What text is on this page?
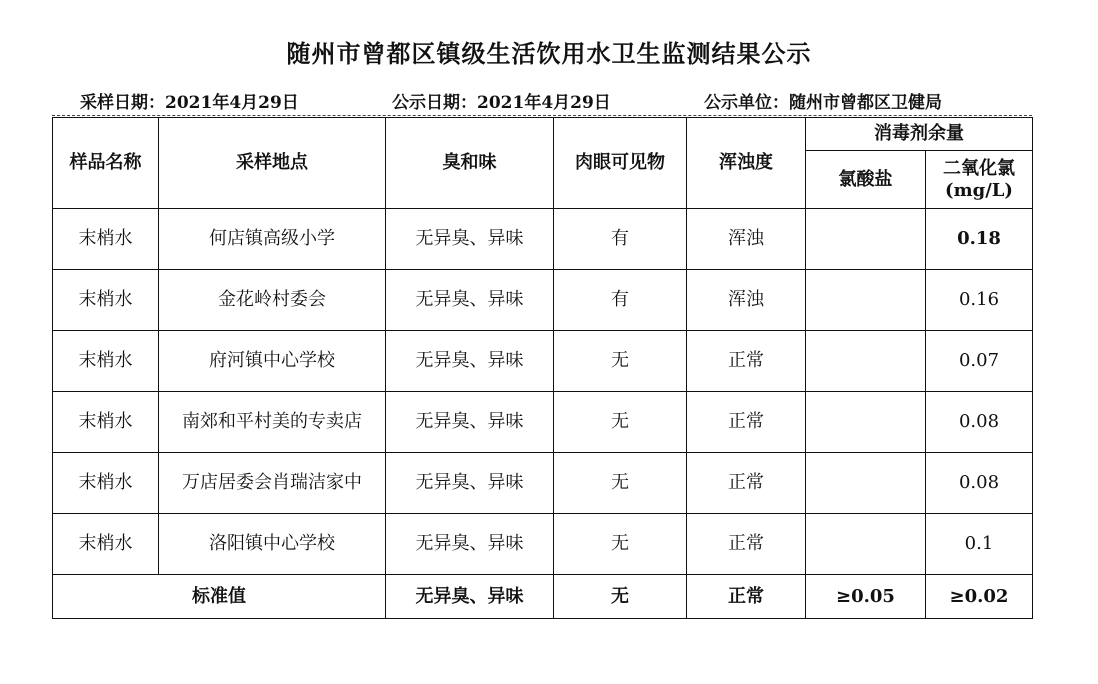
随州市曾都区镇级生活饮用水卫生监测结果公示
采样日期：2021年4月29日	公示日期：2021年4月29日	公示单位：随州市曾都区卫健局
样品名称	采样地点	臭和味	肉眼可见物	浑浊度	消毒剂余量	
					氯酸盐	二氧化氯
(mg/L)

末梢水	何店镇高级小学	无异臭、异味	有	浑浊		0.18
末梢水	金花岭村委会	无异臭、异味	有	浑浊		0.16
末梢水	府河镇中心学校	无异臭、异味	无	正常		0.07
末梢水	南郊和平村美的专卖店	无异臭、异味	无	正常		0.08
末梢水	万店居委会肖瑞洁家中	无异臭、异味	无	正常		0.08
末梢水	洛阳镇中心学校	无异臭、异味	无	正常		0.1
标准值		无异臭、异味	无	正常	≥0.05	≥0.02
